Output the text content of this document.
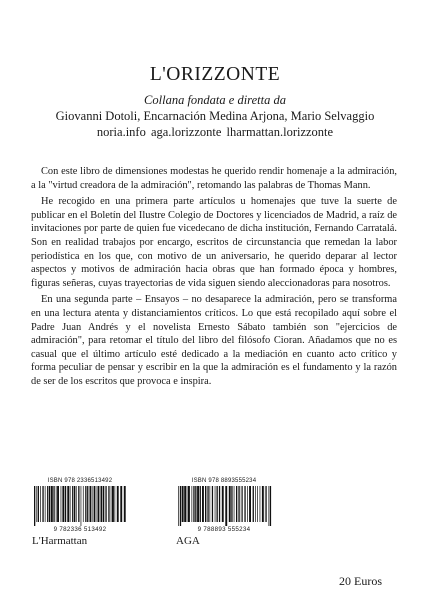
L'ORIZZONTE
Collana fondata e diretta da
Giovanni Dotoli, Encarnación Medina Arjona, Mario Selvaggio
noria.info aga.lorizzonte lharmattan.lorizzonte

Con este libro de dimensiones modestas he querido rendir homenaje a la admiración, a la "virtud creadora de la admiración", retomando las palabras de Thomas Mann.

He recogido en una primera parte artículos u homenajes que tuve la suerte de publicar en el Boletín del Ilustre Colegio de Doctores y licenciados de Madrid, a raíz de invitaciones por parte de quien fue vicedecano de dicha institución, Fernando Carratalá. Son en realidad trabajos por encargo, escritos de circunstancia que remedan la labor periodística en los que, con motivo de un aniversario, he querido deparar al lector aspectos y motivos de admiración hacia obras que han formado época y hombres, figuras señeras, cuyas trayectorias de vida siguen siendo aleccionadoras para nosotros.

En una segunda parte – Ensayos – no desaparece la admiración, pero se transforma en una lectura atenta y distanciamientos críticos. Lo que está recopilado aquí sobre el Padre Juan Andrés y el novelista Ernesto Sábato también son "ejercicios de admiración", para retomar el título del libro del filósofo Cioran. Añadamos que no es casual que el último artículo esté dedicado a la mediación en cuanto acto crítico y forma peculiar de pensar y escribir en la que la admiración es el fundamento y la razón de ser de los escritos que provoca e inspira.

ISBN 978 2336513492
9 782336 513492
L'Harmattan
ISBN 978 8893555234
9 788893 555234
AGA
20 Euros
